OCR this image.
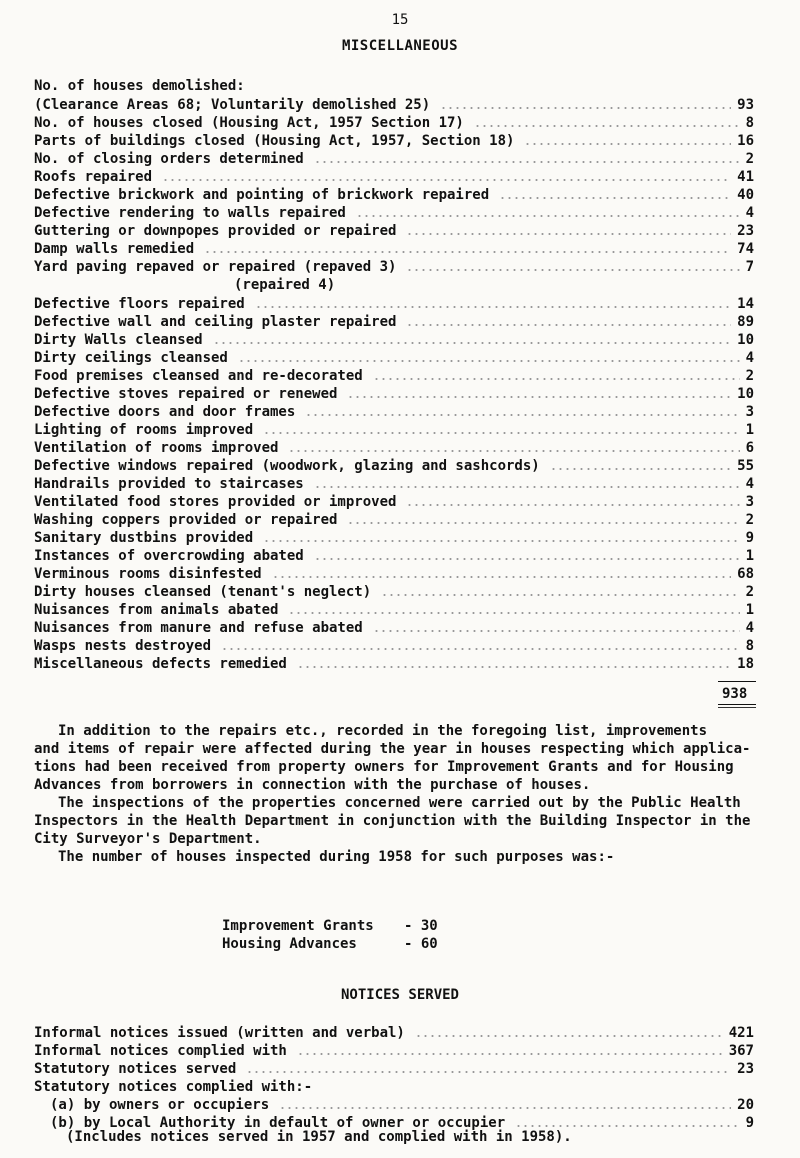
15
MISCELLANEOUS
No. of houses demolished:
(Clearance Areas 68; Voluntarily demolished 25)	93
No. of houses closed (Housing Act, 1957 Section 17)	8
Parts of buildings closed (Housing Act, 1957, Section 18)	16
No. of closing orders determined	2
Roofs repaired	41
Defective brickwork and pointing of brickwork repaired	40
Defective rendering to walls repaired	4
Guttering or downpopes provided or repaired	23
Damp walls remedied	74
Yard paving repaved or repaired (repaved 3)	7
Defective floors repaired	14
Defective wall and ceiling plaster repaired	89
Dirty Walls cleansed	10
Dirty ceilings cleansed	4
Food premises cleansed and re-decorated	2
Defective stoves repaired or renewed	10
Defective doors and door frames	3
Lighting of rooms improved	1
Ventilation of rooms improved	6
Defective windows repaired (woodwork, glazing and sashcords)	55
Handrails provided to staircases	4
Ventilated food stores provided or improved	3
Washing coppers provided or repaired	2
Sanitary dustbins provided	9
Instances of overcrowding abated	1
Verminous rooms disinfested	68
Dirty houses cleansed (tenant's neglect)	2
Nuisances from animals abated	1
Nuisances from manure and refuse abated	4
Wasps nests destroyed	8
Miscellaneous defects remedied	18
(repaired 4)
938
In addition to the repairs etc., recorded in the foregoing list, improvements
and items of repair were affected during the year in houses respecting which applica-
tions had been received from property owners for Improvement Grants and for Housing
Advances from borrowers in connection with the purchase of houses.
The inspections of the properties concerned were carried out by the Public Health
Inspectors in the Health Department in conjunction with the Building Inspector in the
City Surveyor's Department.
The number of houses inspected during 1958 for such purposes was:-
Improvement Grants - 30
Housing Advances	- 60
NOTICES SERVED
Informal notices issued (written and verbal)	421
Informal notices complied with	367
Statutory notices served	23
Statutory notices complied with:-
(a) by owners or occupiers	20
(b) by Local Authority in default of owner or occupier	9
(Includes notices served in 1957 and complied with in 1958).
